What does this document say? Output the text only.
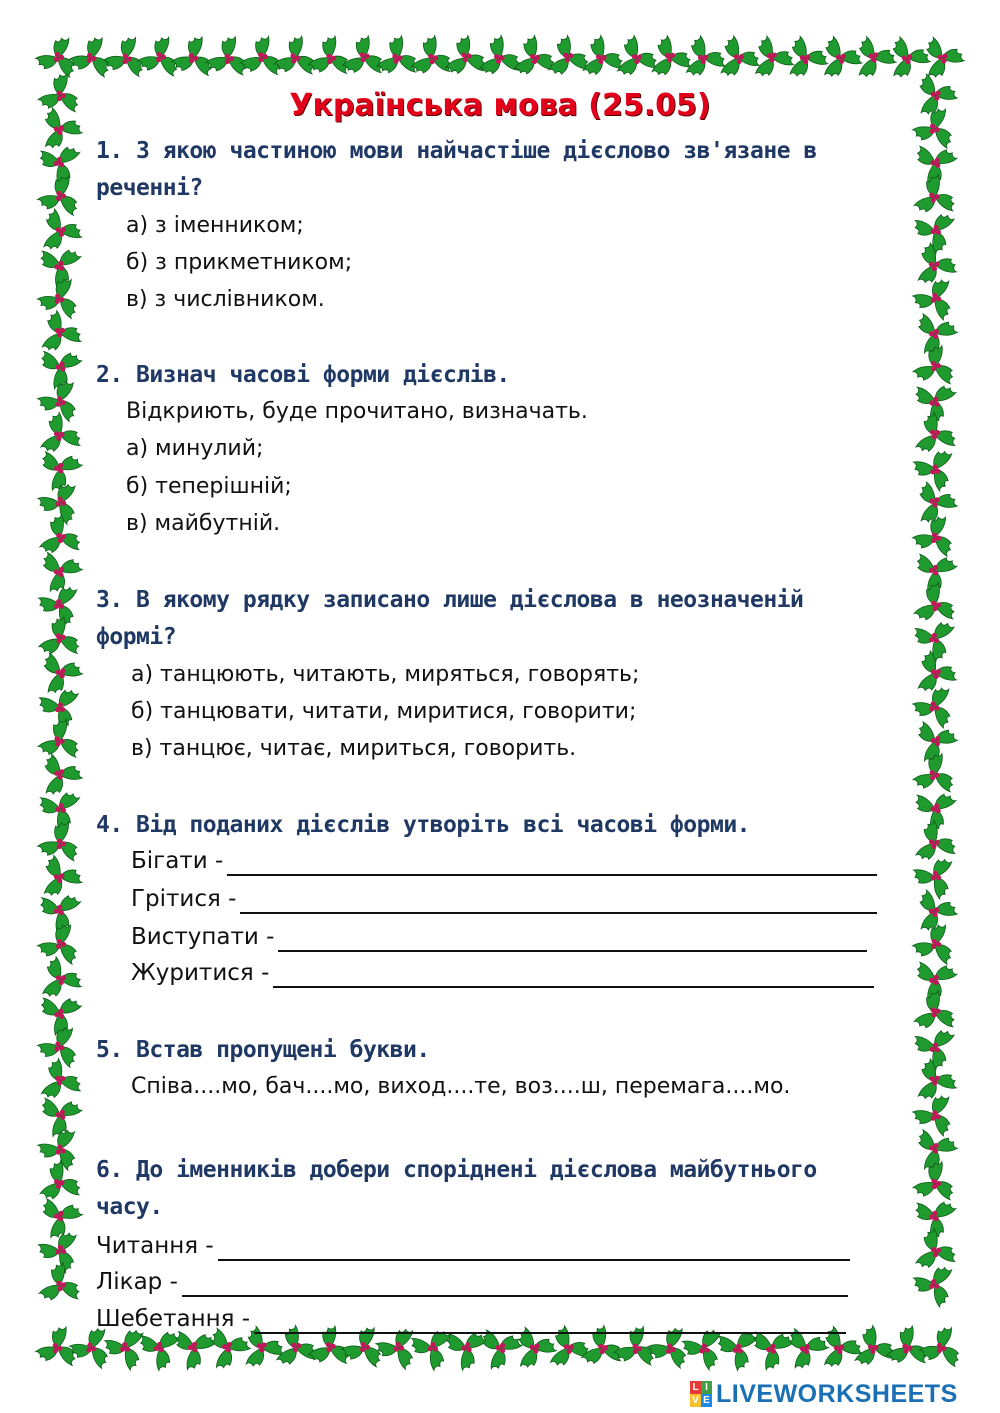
Українська мова (25.05)
1. З якою частиною мови найчастіше дієслово зв'язане в
реченні?
а) з іменником;
б) з прикметником;
в) з числівником.
2. Визнач часові форми дієслів.
Відкриють, буде прочитано, визначать.
а) минулий;
б) теперішній;
в) майбутній.
3. В якому рядку записано лише дієслова в неозначеній
формі?
а) танцюють, читають, миряться, говорять;
б) танцювати, читати, миритися, говорити;
в) танцює, читає, мириться, говорить.
4. Від поданих дієслів утворіть всі часові форми.
Бігати -
Грітися -
Виступати -
Журитися -
5. Встав пропущені букви.
Співа....мо, бач....мо, виход....те, воз....ш, перемага....мо.
6. До іменників добери споріднені дієслова майбутнього
часу.
Читання -
Лікар -
Шебетання -
L I
V E LIVEWORKSHEETS
